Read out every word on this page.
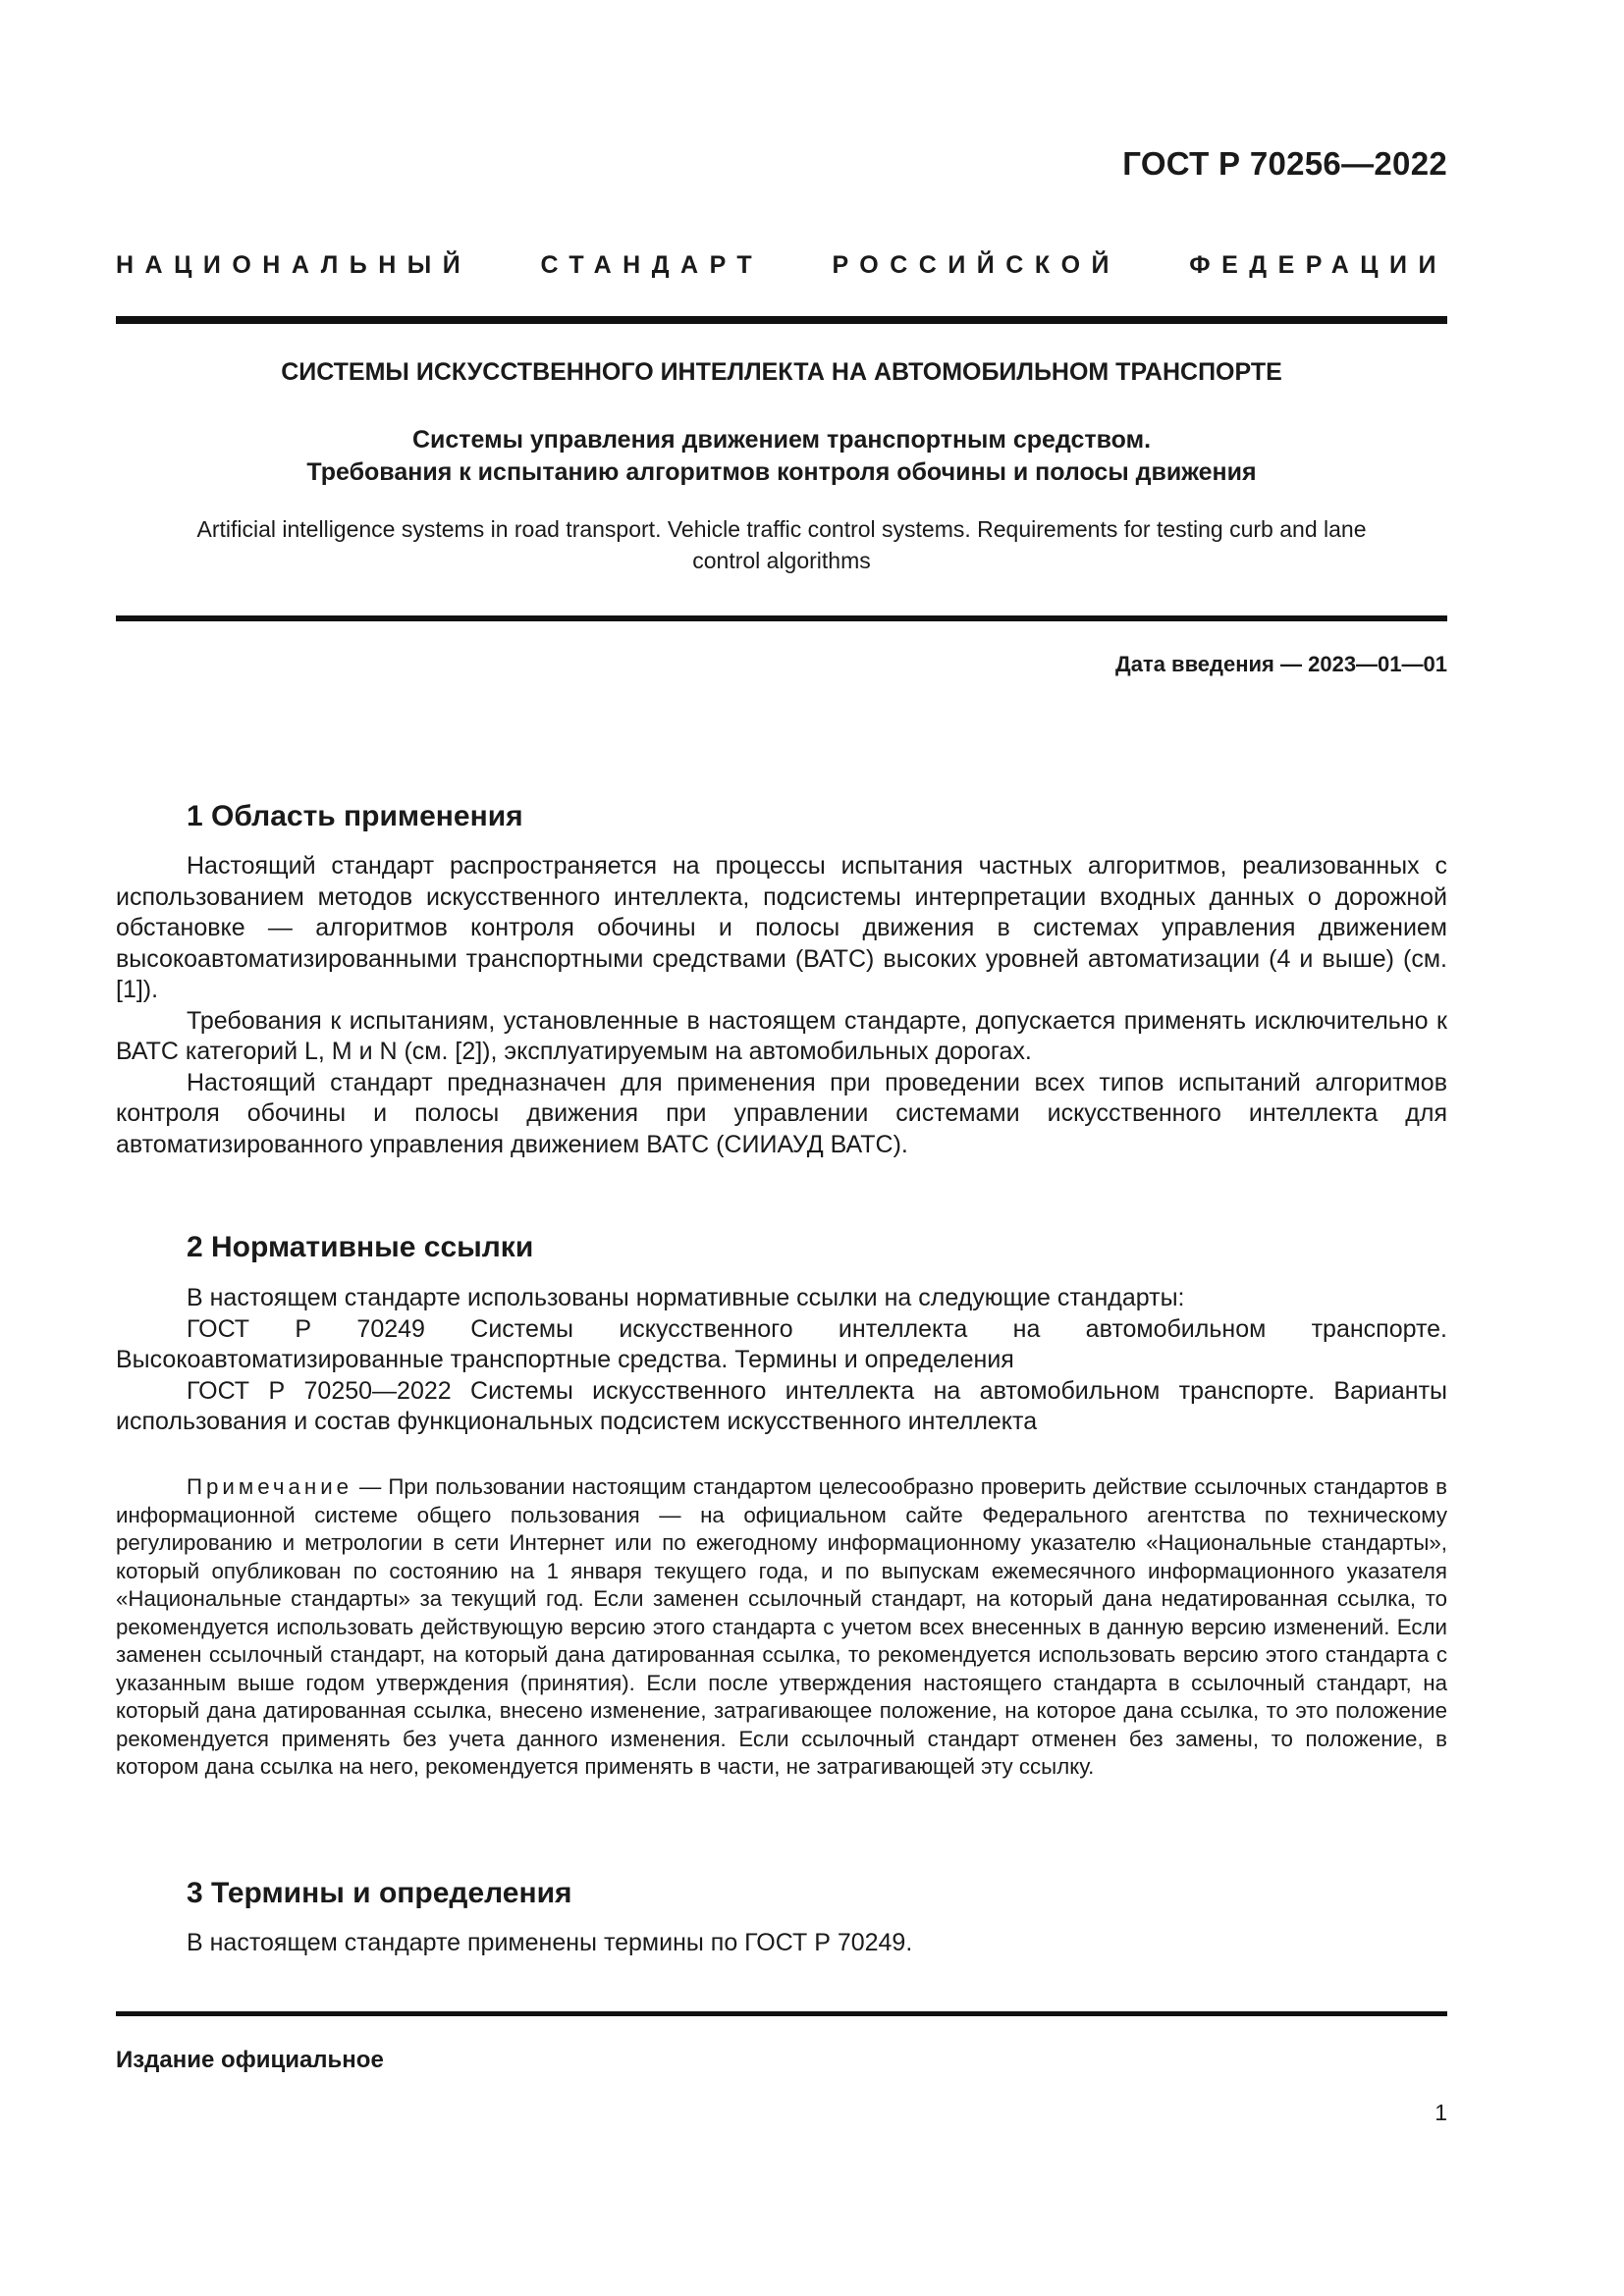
ГОСТ Р 70256—2022
НАЦИОНАЛЬНЫЙ СТАНДАРТ РОССИЙСКОЙ ФЕДЕРАЦИИ
СИСТЕМЫ ИСКУССТВЕННОГО ИНТЕЛЛЕКТА НА АВТОМОБИЛЬНОМ ТРАНСПОРТЕ
Системы управления движением транспортным средством.
Требования к испытанию алгоритмов контроля обочины и полосы движения
Artificial intelligence systems in road transport. Vehicle traffic control systems. Requirements for testing curb and lane
control algorithms
Дата введения — 2023—01—01
1 Область применения

Настоящий стандарт распространяется на процессы испытания частных алгоритмов, реализованных с использованием методов искусственного интеллекта, подсистемы интерпретации входных данных о дорожной обстановке — алгоритмов контроля обочины и полосы движения в системах управления движением высокоавтоматизированными транспортными средствами (ВАТС) высоких уровней автоматизации (4 и выше) (см. [1]).

Требования к испытаниям, установленные в настоящем стандарте, допускается применять исключительно к ВАТС категорий L, M и N (см. [2]), эксплуатируемым на автомобильных дорогах.

Настоящий стандарт предназначен для применения при проведении всех типов испытаний алгоритмов контроля обочины и полосы движения при управлении системами искусственного интеллекта для автоматизированного управления движением ВАТС (СИИАУД ВАТС).

2 Нормативные ссылки

В настоящем стандарте использованы нормативные ссылки на следующие стандарты:

ГОСТ Р 70249 Системы искусственного интеллекта на автомобильном транспорте. Высокоавтоматизированные транспортные средства. Термины и определения

ГОСТ Р 70250—2022 Системы искусственного интеллекта на автомобильном транспорте. Варианты использования и состав функциональных подсистем искусственного интеллекта

Примечание — При пользовании настоящим стандартом целесообразно проверить действие ссылочных стандартов в информационной системе общего пользования — на официальном сайте Федерального агентства по техническому регулированию и метрологии в сети Интернет или по ежегодному информационному указателю «Национальные стандарты», который опубликован по состоянию на 1 января текущего года, и по выпускам ежемесячного информационного указателя «Национальные стандарты» за текущий год. Если заменен ссылочный стандарт, на который дана недатированная ссылка, то рекомендуется использовать действующую версию этого стандарта с учетом всех внесенных в данную версию изменений. Если заменен ссылочный стандарт, на который дана датированная ссылка, то рекомендуется использовать версию этого стандарта с указанным выше годом утверждения (принятия). Если после утверждения настоящего стандарта в ссылочный стандарт, на который дана датированная ссылка, внесено изменение, затрагивающее положение, на которое дана ссылка, то это положение рекомендуется применять без учета данного изменения. Если ссылочный стандарт отменен без замены, то положение, в котором дана ссылка на него, рекомендуется применять в части, не затрагивающей эту ссылку.

3 Термины и определения

В настоящем стандарте применены термины по ГОСТ Р 70249.

Издание официальное
1
